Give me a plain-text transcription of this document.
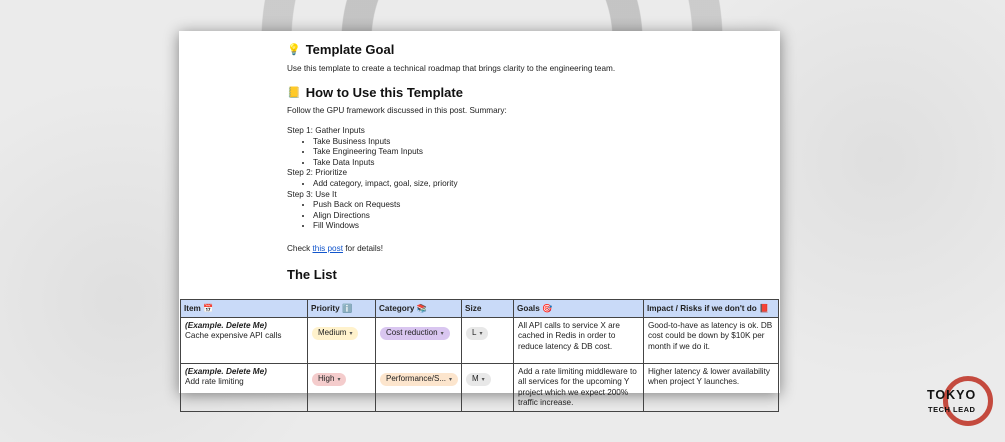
💡 Template Goal

Use this template to create a technical roadmap that brings clarity to the engineering team.

📒 How to Use this Template

Follow the GPU framework discussed in this post. Summary:

Step 1: Gather Inputs

• Take Business Inputs
• Take Engineering Team Inputs
• Take Data Inputs

Step 2: Prioritize

• Add category, impact, goal, size, priority

Step 3: Use It

• Push Back on Requests
• Align Directions
• Fill Windows

Check this post for details!

The List
Item 📅	Priority ℹ️	Category 📚	Size	Goals 🎯	Impact / Risks if we don't do 📕

(Example. Delete Me)
Cache expensive API calls	Medium ▾	Cost reduction ▾	L ▾	All API calls to service X are cached in Redis in order to reduce latency & DB cost.	Good-to-have as latency is ok. DB cost could be down by $10K per month if we do it.

(Example. Delete Me)
Add rate limiting	High ▾	Performance/S... ▾	M ▾	Add a rate limiting middleware to all services for the upcoming Y project which we expect 200% traffic increase.	Higher latency & lower availability when project Y launches.
TOKYO
TECH LEAD
